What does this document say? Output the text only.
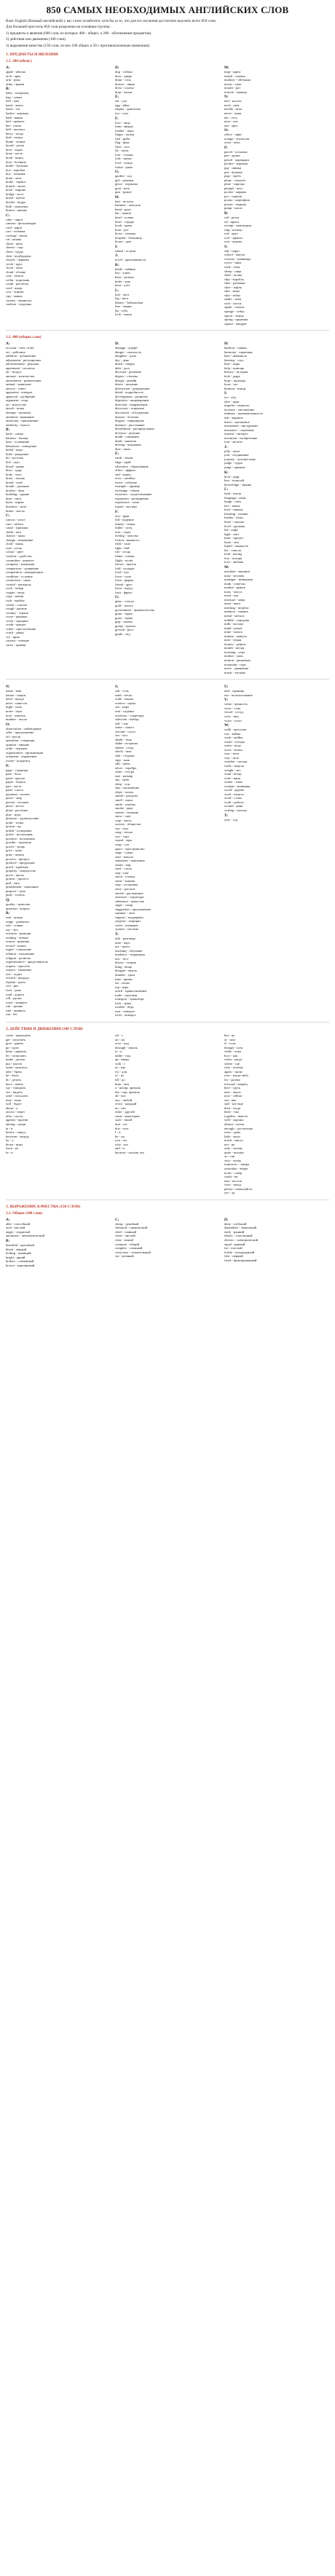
850 САМЫХ НЕОБХОДИМЫХ АНГЛИЙСКИХ СЛОВ

Basic English (базовый английский) у вас стоит позаботить хотя бы за то, что для его изучения достаточно выучить всего 850 слов.

Для большей простоты 850 слов разделены на основные группы:

1) предметы и явления (600 слов, из которых 400 - общих, а 200 - обозначения предметов).

2) действия или движение (100 слов).

3) выражения качества (150 слов, из них 100 общих и 50 с противоположным значением).

1. ПРЕДМЕТЫ И ЯВЛЕНИЯ
1.1. 200 (обозн.)
A:
apple - яблоко
arch - арка
arm - рука
army - армия
B:
baby - младенец
bag - сумка
ball - мяч
band - лента
basin - таз
basket - корзина
bath - ванна
bed - кровать
bee - пчела
bell - колокол
berry - ягода
bird - птица
blade - лезвие
board - доска
boat - лодка
bone - кость
book - книга
boot - ботинок
bottle - бутылка
box - коробка
boy - мальчик
brain - мозг
brake - тормоз
branch - ветка
brick - кирпич
bridge - мост
brush - щётка
bucket - ведро
bulb - лампочка
button - кнопка
C:
cake - пирог
camera - фотоаппарат
card - карта
cart - тележка
carriage - вагон
cat - кошка
chain - цепь
cheese - сыр
chest - грудь
chin - подбородок
church - церковь
circle - круг
clock - часы
cloud - облако
coat - пальто
collar - воротник
comb - расчёска
cord - шнур
cow - корова
cup - чашка
curtain - занавеска
cushion - подушка
D:
dog - собака
door - дверь
drain - сток
drawer - ящик
dress - платье
drop - капля
E:
ear - ухо
egg - яйцо
engine - двигатель
eye - глаз
F:
face - лицо
farm - ферма
feather - перо
finger - палец
fish - рыба
flag - флаг
floor - пол
fly - муха
foot - ступня
fork - вилка
fowl - птица
frame - рама
G:
garden - сад
girl - девочка
glove - перчатка
goat - коза
gun - ружьё
H:
hair - волосы
hammer - молоток
hand - рука
hat - шляпа
head - голова
heart - сердце
hook - крюк
horn - рог
horse - лошадь
hospital - больница
house - дом
I:
island - остров
J:
jewel - драгоценность
K:
kettle - чайник
key - ключ
knee - колено
knife - нож
knot - узел
L:
leaf - лист
leg - нога
library - библиотека
line - линия
lip - губа
lock - замок
M:
map - карта
match - спичка
monkey - обезьяна
moon - луна
mouth - рот
muscle - мышца
N:
nail - ноготь
neck - шея
needle - игла
nerve - нерв
net - сеть
nose - нос
nut - орех
O:
office - офис
orange - апельсин
oven - печь
P:
parcel - посылка
pen - ручка
pencil - карандаш
picture - картина
pig - свинья
pin - булавка
pipe - труба
plane - самолёт
plate - тарелка
plough - плуг
pocket - карман
pot - горшок
potato - картофель
prison - тюрьма
pump - насос
R:
rail - рельс
rat - крыса
receipt - квитанция
ring - кольцо
rod - прут
roof - крыша
root - корень
S:
sail - парус
school - школа
scissors - ножницы
screw - винт
seed - семя
sheep - овца
shelf - полка
ship - корабль
shirt - рубашка
shoe - туфля
skin - кожа
skirt - юбка
snake - змея
sock - носок
spade - лопата
sponge - губка
spoon - ложка
spring - пружина
square - квадрат
1.2. 400 (общих слов)
A:
account - счёт, отчёт
act - действие
addition - добавление
adjustment - регулировка
advertisement - реклама
agreement - согласие
air - воздух
amount - количество
amusement - развлечение
animal - животное
answer - ответ
apparatus - аппарат
approval - одобрение
argument - спор
art - искусство
attack - атака
attempt - попытка
attention - внимание
attraction - притяжение
authority - власть
B:
back - спина
balance - баланс
base - основание
behaviour - поведение
belief - вера
birth - рождение
bit - кусочек
bite - укус
blood - кровь
blow - удар
body - тело
brass - латунь
bread - хлеб
breath - дыхание
brother - брат
building - здание
burn - ожог
burst - взрыв
business - дело
butter - масло
C:
canvas - холст
care - забота
cause - причина
chalk - мел
chance - шанс
change - изменение
cloth - ткань
coal - уголь
colour - цвет
comfort - удобство
committee - комитет
company - компания
comparison - сравнение
competition - конкуренция
condition - условие
connection - связь
control - контроль
cook - повар
copper - медь
copy - копия
cork - пробка
cotton - хлопок
cough - кашель
country - страна
cover - крышка
crack - трещина
credit - кредит
crime - преступление
crush - давка
cry - крик
current - течение
curve - кривая
D:
damage - ущерб
danger - опасность
daughter - дочь
day - день
death - смерть
debt - долг
decision - решение
degree - степень
design - дизайн
desire - желание
destruction - разрушение
detail - подробность
development - развитие
digestion - пищеварение
direction - направление
discovery - открытие
discussion - обсуждение
disease - болезнь
disgust - отвращение
distance - расстояние
distribution - распределение
division - деление
doubt - сомнение
drink - напиток
driving - вождение
dust - пыль
E:
earth - земля
edge - край
education - образование
effect - эффект
end - конец
error - ошибка
event - событие
example - пример
exchange - обмен
existence - существование
expansion - расширение
experience - опыт
expert - эксперт
F:
fact - факт
fall - падение
family - семья
father - отец
fear - страх
feeling - чувство
fiction - вымысел
field - поле
fight - бой
fire - огонь
flame - пламя
flight - полёт
flower - цветок
fold - складка
food - еда
force - сила
form - форма
friend - друг
front - перед
fruit - фрукт
G:
glass - стекло
gold - золото
government - правительство
grain - зерно
grass - трава
grip - хватка
group - группа
growth - рост
guide - гид
H:
harbour - гавань
harmony - гармония
hate - ненависть
hearing - слух
heat - жара
help - помощь
history - история
hole - дыра
hope - надежда
hour - час
humour - юмор
I:
ice - лёд
idea - идея
impulse - импульс
increase - увеличение
industry - промышленность
ink - чернила
insect - насекомое
instrument - инструмент
insurance - страховка
interest - интерес
invention - изобретение
iron - железо
J:
jelly - желе
join - соединение
journey - путешествие
judge - судья
jump - прыжок
K:
kick - удар
kiss - поцелуй
knowledge - знание
L:
land - земля
language - язык
laugh - смех
law - закон
lead - свинец
learning - учение
leather - кожа
letter - письмо
level - уровень
lift - лифт
light - свет
limit - предел
linen - лён
liquid - жидкость
list - список
look - взгляд
loss - потеря
love - любовь
M:
machine - машина
man - человек
manager - менеджер
mark - отметка
market - рынок
mass - масса
meal - еда
measure - мера
meat - мясо
meeting - встреча
memory - память
metal - металл
middle - середина
milk - молоко
mind - разум
mine - шахта
minute - минута
mist - туман
money - деньги
month - месяц
morning - утро
mother - мать
motion - движение
mountain - гора
move - движение
music - музыка
N:
name - имя
nation - нация
need - нужда
news - новости
night - ночь
noise - шум
note - заметка
number - число
O:
observation - наблюдение
offer - предложение
oil - масло
operation - операция
opinion - мнение
order - порядок
organization - организация
ornament - украшение
owner - владелец
P:
page - страница
pain - боль
paint - краска
paper - бумага
part - часть
paste - паста
payment - оплата
peace - мир
person - человек
place - место
plant - растение
play - игра
pleasure - удовольствие
point - точка
poison - яд
polish - полировка
porter - носильщик
position - положение
powder - порошок
power - мощь
price - цена
print - печать
process - процесс
produce - продукция
profit - прибыль
property - имущество
prose - проза
protest - протест
pull - тяга
punishment - наказание
purpose - цель
push - толчок
Q:
quality - качество
question - вопрос
R:
rain - дождь
range - диапазон
rate - ставка
ray - луч
reaction - реакция
reading - чтение
reason - причина
record - запись
regret - сожаление
relation - отношение
religion - религия
representative - представитель
request - просьба
respect - уважение
rest - отдых
reward - награда
rhythm - ритм
rice - рис
river - река
road - дорога
roll - рулон
room - комната
rub - трение
rule - правило
run - бег
S:
salt - соль
sand - песок
scale - шкала
science - наука
sea - море
seat - сиденье
secretary - секретарь
selection - выбор
self - сам
sense - смысл
servant - слуга
sex - пол
shade - тень
shake - встряска
shame - стыд
shock - шок
side - сторона
sign - знак
silk - шёлк
silver - серебро
sister - сестра
size - размер
sky - небо
sleep - сон
slip - скольжение
slope - склон
smash - разгром
smell - запах
smile - улыбка
smoke - дым
sneeze - чихание
snow - снег
soap - мыло
society - общество
son - сын
song - песня
sort - сорт
sound - звук
soup - суп
space - пространство
stage - сцена
start - начало
statement - заявление
steam - пар
steel - сталь
step - шаг
stitch - стежок
stone - камень
stop - остановка
story - рассказ
stretch - растяжение
structure - структура
substance - вещество
sugar - сахар
suggestion - предложение
summer - лето
support - поддержка
surprise - сюрприз
swim - плавание
system - система
T:
talk - разговор
taste - вкус
tax - налог
teaching - обучение
tendency - тенденция
test - тест
theory - теория
thing - вещь
thought - мысль
thunder - гром
time - время
tin - олово
top - верх
touch - прикосновение
trade - торговля
transport - транспорт
trick - трюк
trouble - беда
turn - поворот
twist - поворот
U:
unit - единица
use - использование
V:
value - ценность
verse - стих
vessel - сосуд
view - вид
voice - голос
W:
walk - прогулка
war - война
wash - мойка
waste - отходы
water - вода
wave - волна
wax - воск
way - путь
weather - погода
week - неделя
weight - вес
wind - ветер
wine - вино
winter - зима
woman - женщина
wood - дерево
wool - шерсть
word - слово
work - работа
wound - рана
writing - письмо
Y:
year - год
2. ДЕЙСТВИЯ И ДВИЖЕНИЯ (100 СЛОВ)
come - приходить
get - получать
give - давать
go - идти
keep - держать
let - позволять
make - делать
put - класть
seem - казаться
take - брать
be - быть
do - делать
have - иметь
say - говорить
see - видеть
send - посылать
may - мочь
will - будет
about - о
across - через
after - после
against - против
among - среди
at - в
before - перед
between - между
by - у
down - вниз
from - из
in - в
off - с
on - на
over - над
through - сквозь
to - к
under - под
up - вверх
with - с
as - как
for - для
of - из
till - до
than - чем
a - неопр. артикль
the - опр. артикль
all - все
any - любой
every - каждый
no - нет
other - другой
some - некоторые
such - такой
that - тот
this - этот
I - я
he - он
you - ты
who - кто
and - и
because - потому что
but - но
or - или
if - если
though - хотя
while - пока
how - как
when - когда
where - где
why - почему
again - снова
ever - когда-либо
far - далеко
forward - вперёд
here - здесь
near - около
now - сейчас
out - вне
still - всё ещё
then - тогда
there - там
together - вместе
well - хорошо
almost - почти
enough - достаточно
even - даже
little - мало
much - много
not - не
only - только
quite - вполне
so - так
very - очень
tomorrow - завтра
yesterday - вчера
north - север
south - юг
east - восток
west - запад
please - пожалуйста
yes - да
3. ВЫРАЖЕНИЕ КАЧЕСТВА (150 СЛОВ)
3.1. Общих (100 слов)
A:
able - способный
acid - кислый
angry - сердитый
automatic - автоматический
B:
beautiful - красивый
black - чёрный
boiling - кипящий
bright - яркий
broken - сломанный
brown - коричневый
C:
cheap - дешёвый
chemical - химический
chief - главный
clean - чистый
clear - ясный
common - общий
complex - сложный
conscious - сознательный
cut - резаный
D:
deep - глубокий
dependent - зависимый
early - ранний
elastic - эластичный
electric - электрический
equal - равный
fat - толстый
fertile - плодородный
first - первый
fixed - фиксированный
